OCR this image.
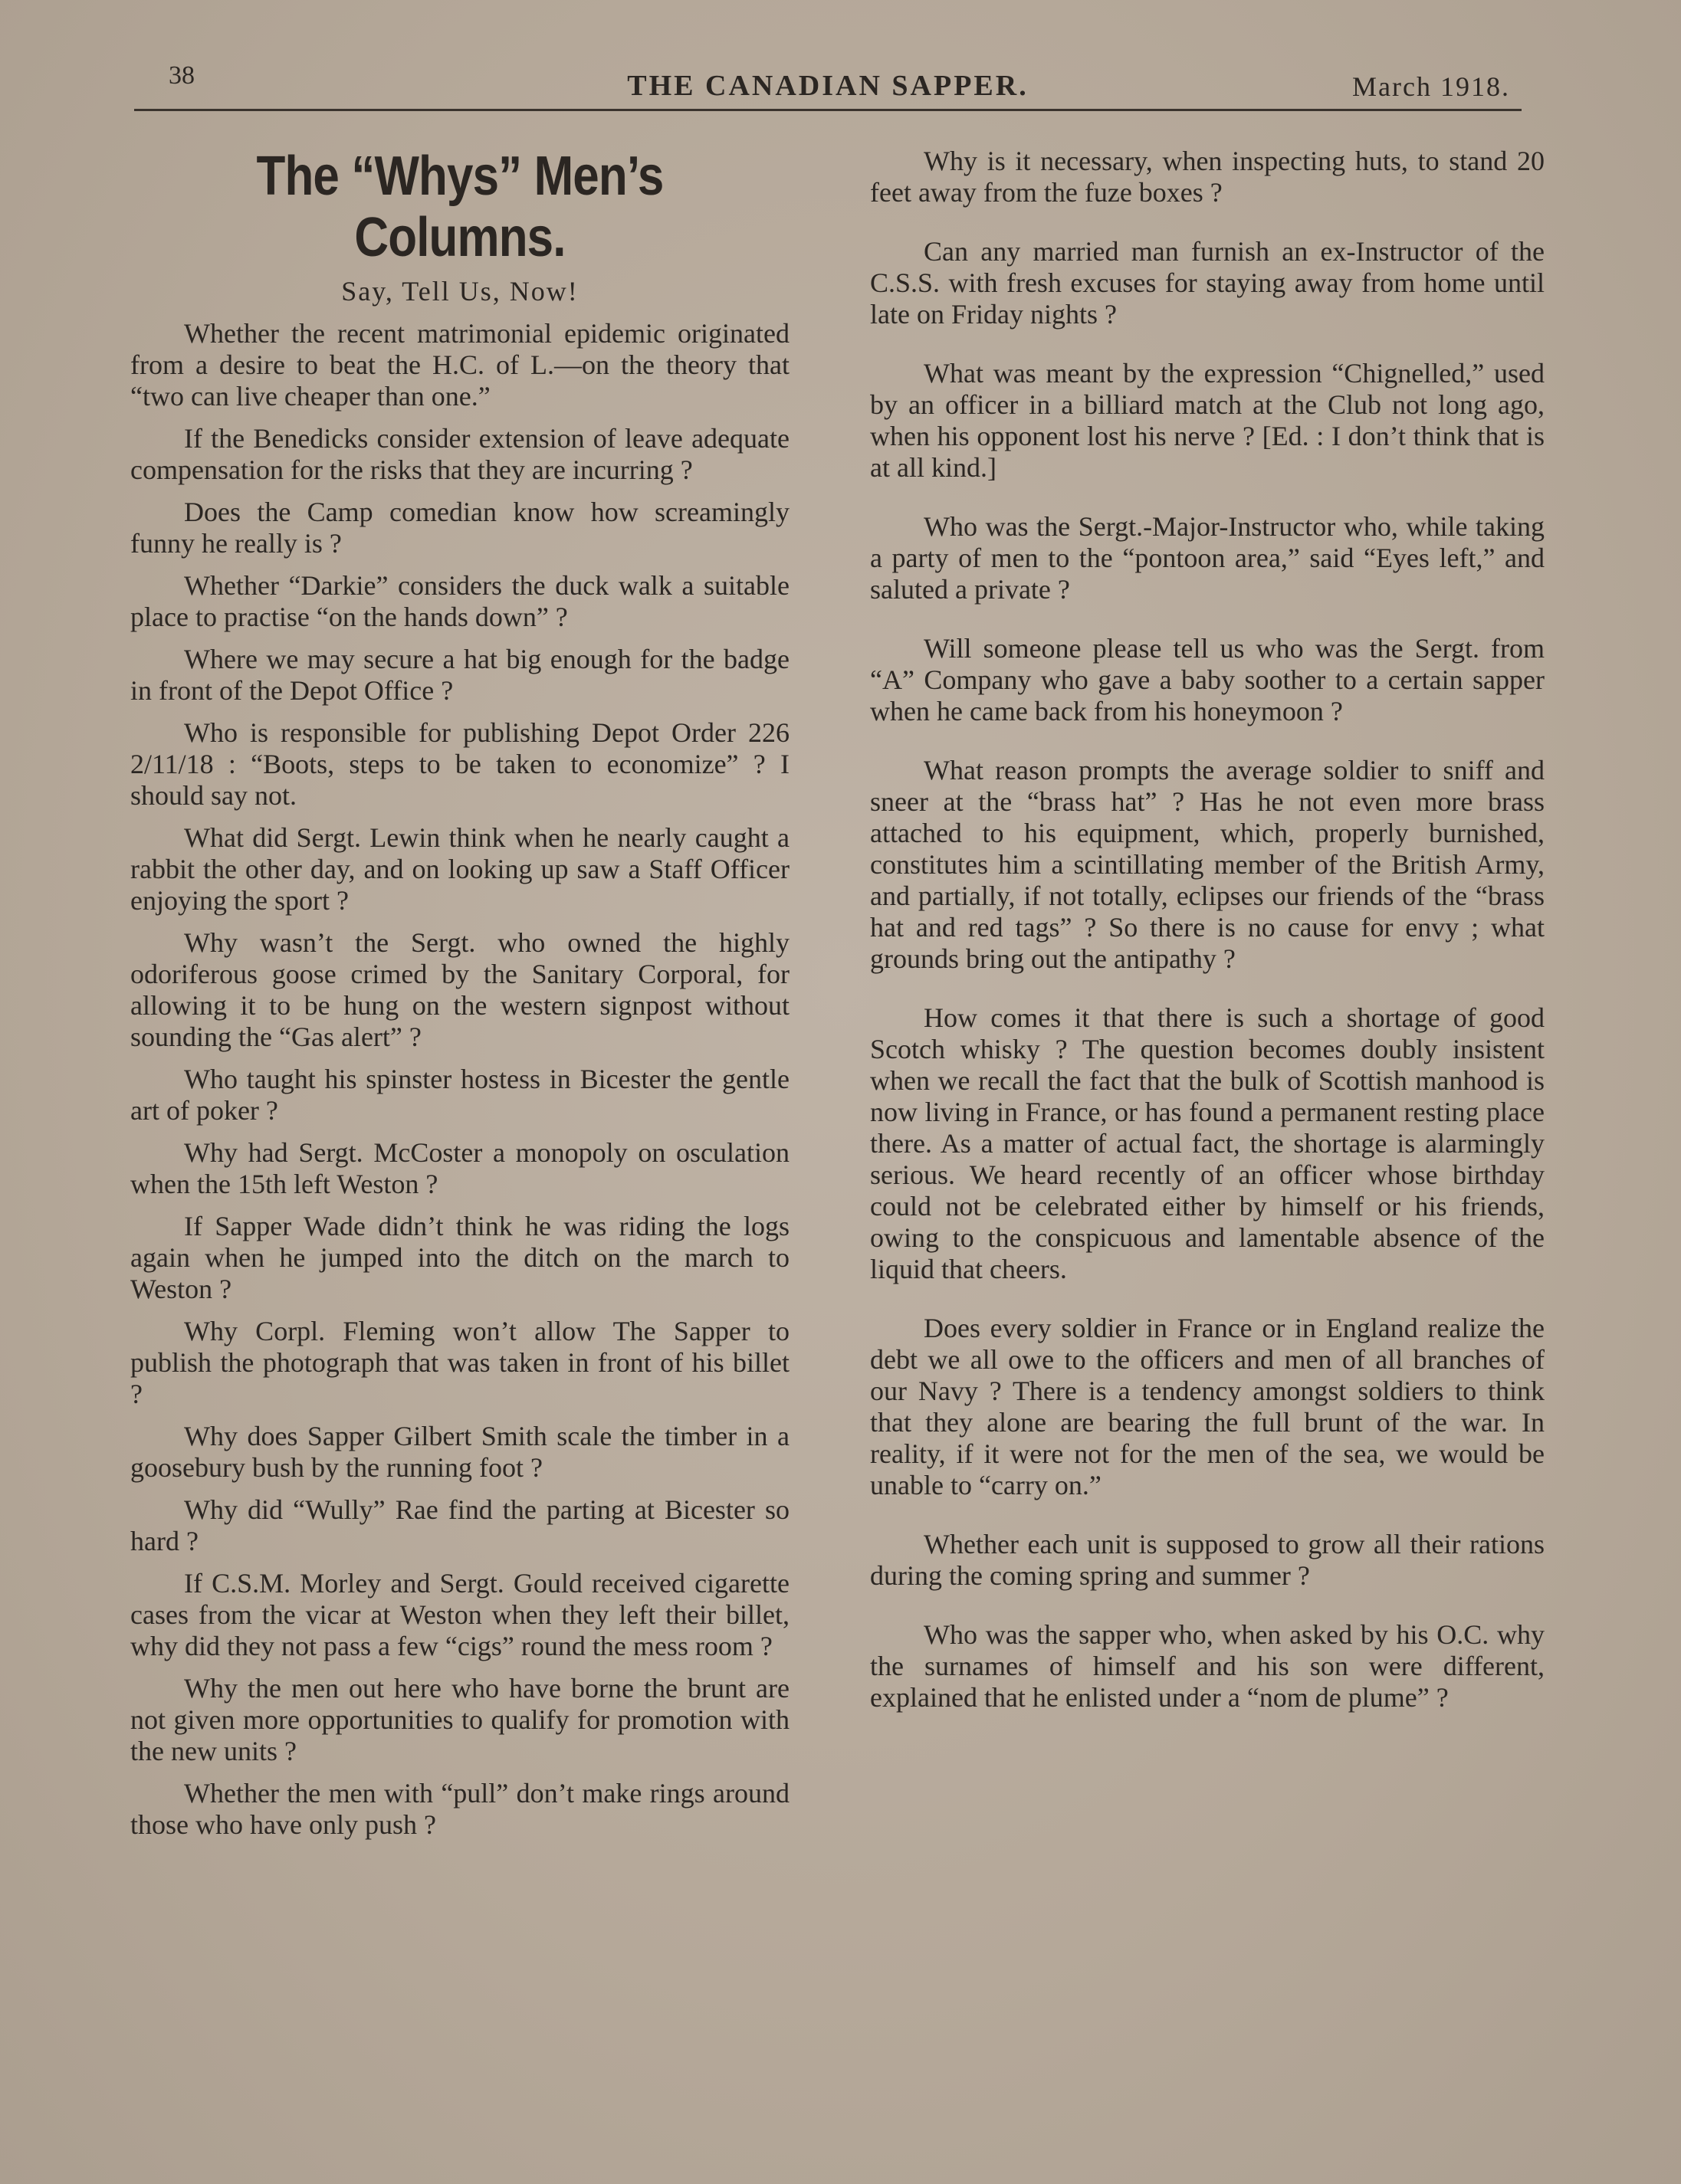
38	THE CANADIAN SAPPER.	March 1918.
The “Whys” Men’s Columns.
Say, Tell Us, Now!

Whether the recent matrimonial epidemic originated from a desire to beat the H.C. of L.—on the theory that “two can live cheaper than one.”

If the Benedicks consider extension of leave adequate compensation for the risks that they are incurring ?

Does the Camp comedian know how screamingly funny he really is ?

Whether “Darkie” considers the duck walk a suitable place to practise “on the hands down” ?

Where we may secure a hat big enough for the badge in front of the Depot Office ?

Who is responsible for publishing Depot Order 226 2/11/18 : “Boots, steps to be taken to economize” ? I should say not.

What did Sergt. Lewin think when he nearly caught a rabbit the other day, and on looking up saw a Staff Officer enjoying the sport ?

Why wasn’t the Sergt. who owned the highly odoriferous goose crimed by the Sanitary Corporal, for allowing it to be hung on the western signpost without sounding the “Gas alert” ?

Who taught his spinster hostess in Bicester the gentle art of poker ?

Why had Sergt. McCoster a monopoly on osculation when the 15th left Weston ?

If Sapper Wade didn’t think he was riding the logs again when he jumped into the ditch on the march to Weston ?

Why Corpl. Fleming won’t allow The Sapper to publish the photograph that was taken in front of his billet ?

Why does Sapper Gilbert Smith scale the timber in a goosebury bush by the running foot ?

Why did “Wully” Rae find the parting at Bicester so hard ?

If C.S.M. Morley and Sergt. Gould received cigarette cases from the vicar at Weston when they left their billet, why did they not pass a few “cigs” round the mess room ?

Why the men out here who have borne the brunt are not given more opportunities to qualify for promotion with the new units ?

Whether the men with “pull” don’t make rings around those who have only push ?

Why is it necessary, when inspecting huts, to stand 20 feet away from the fuze boxes ?

Can any married man furnish an ex-Instructor of the C.S.S. with fresh excuses for staying away from home until late on Friday nights ?

What was meant by the expression “Chignelled,” used by an officer in a billiard match at the Club not long ago, when his opponent lost his nerve ? [Ed. : I don’t think that is at all kind.]

Who was the Sergt.-Major-Instructor who, while taking a party of men to the “pontoon area,” said “Eyes left,” and saluted a private ?

Will someone please tell us who was the Sergt. from “A” Company who gave a baby soother to a certain sapper when he came back from his honeymoon ?

What reason prompts the average soldier to sniff and sneer at the “brass hat” ? Has he not even more brass attached to his equipment, which, properly burnished, constitutes him a scintillating member of the British Army, and partially, if not totally, eclipses our friends of the “brass hat and red tags” ? So there is no cause for envy ; what grounds bring out the antipathy ?

How comes it that there is such a shortage of good Scotch whisky ? The question becomes doubly insistent when we recall the fact that the bulk of Scottish manhood is now living in France, or has found a permanent resting place there. As a matter of actual fact, the shortage is alarmingly serious. We heard recently of an officer whose birthday could not be celebrated either by himself or his friends, owing to the conspicuous and lamentable absence of the liquid that cheers.

Does every soldier in France or in England realize the debt we all owe to the officers and men of all branches of our Navy ? There is a tendency amongst soldiers to think that they alone are bearing the full brunt of the war. In reality, if it were not for the men of the sea, we would be unable to “carry on.”

Whether each unit is supposed to grow all their rations during the coming spring and summer ?

Who was the sapper who, when asked by his O.C. why the surnames of himself and his son were different, explained that he enlisted under a “nom de plume” ?
